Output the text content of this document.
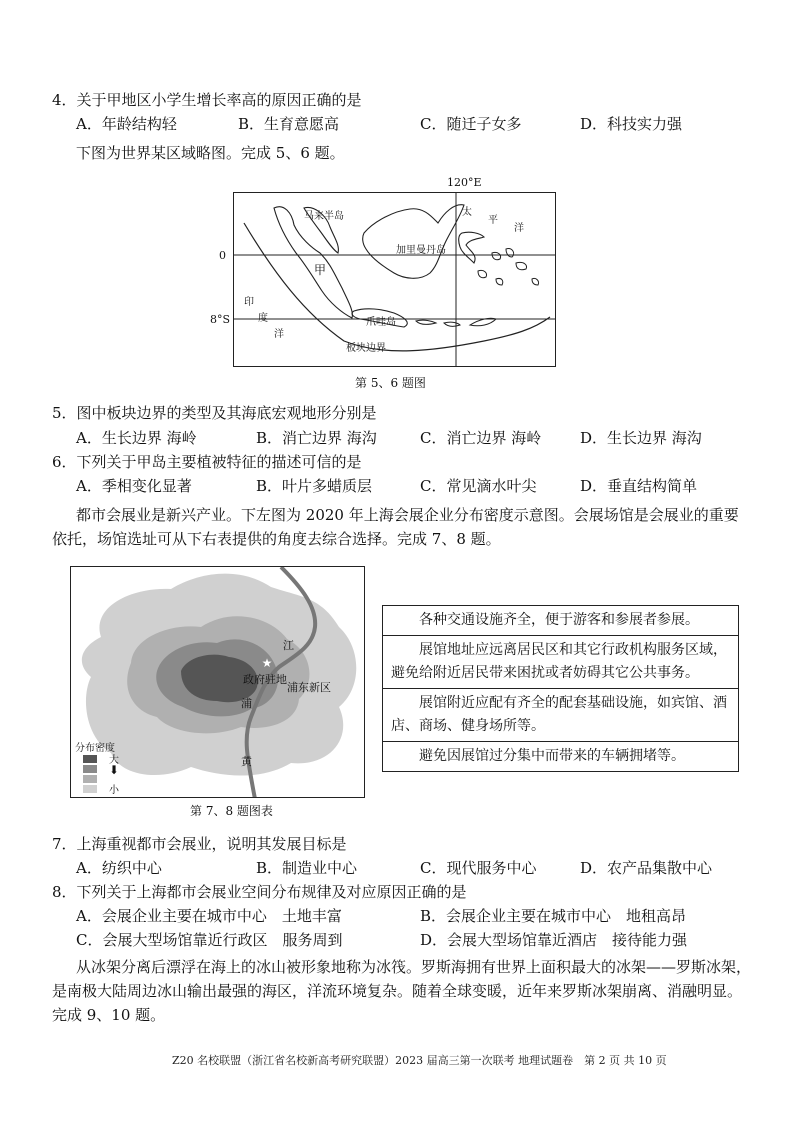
4．关于甲地区小学生增长率高的原因正确的是
A．年龄结构轻	B．生育意愿高	C．随迁子女多	D．科技实力强
下图为世界某区域略图。完成 5、6 题。
120°E
0
8°S
马来半岛
加里曼丹岛
甲
爪哇岛
板块边界
太
平
洋
印
度
洋
第 5、6 题图
5．图中板块边界的类型及其海底宏观地形分别是
A．生长边界 海岭	B．消亡边界 海沟	C．消亡边界 海岭	D．生长边界 海沟
6．下列关于甲岛主要植被特征的描述可信的是
A．季相变化显著	B．叶片多蜡质层	C．常见滴水叶尖	D．垂直结构简单
都市会展业是新兴产业。下左图为 2020 年上海会展企业分布密度示意图。会展场馆是会展业的重要依托，场馆选址可从下右表提供的角度去综合选择。完成 7、8 题。
★
政府驻地
浦东新区
江
浦
黄
分布密度
大
⬇
小
第 7、8 题图表
各种交通设施齐全，便于游客和参展者参展。
展馆地址应远离居民区和其它行政机构服务区域，避免给附近居民带来困扰或者妨碍其它公共事务。
展馆附近应配有齐全的配套基础设施，如宾馆、酒店、商场、健身场所等。
避免因展馆过分集中而带来的车辆拥堵等。
7．上海重视都市会展业，说明其发展目标是
A．纺织中心	B．制造业中心	C．现代服务中心	D．农产品集散中心
8．下列关于上海都市会展业空间分布规律及对应原因正确的是
A．会展企业主要在城市中心　土地丰富	B．会展企业主要在城市中心　地租高昂
C．会展大型场馆靠近行政区　服务周到	D．会展大型场馆靠近酒店　接待能力强
从冰架分离后漂浮在海上的冰山被形象地称为冰筏。罗斯海拥有世界上面积最大的冰架——罗斯冰架，是南极大陆周边冰山输出最强的海区，洋流环境复杂。随着全球变暖，近年来罗斯冰架崩离、消融明显。完成 9、10 题。
Z20 名校联盟（浙江省名校新高考研究联盟）2023 届高三第一次联考 地理试题卷　第 2 页 共 10 页
